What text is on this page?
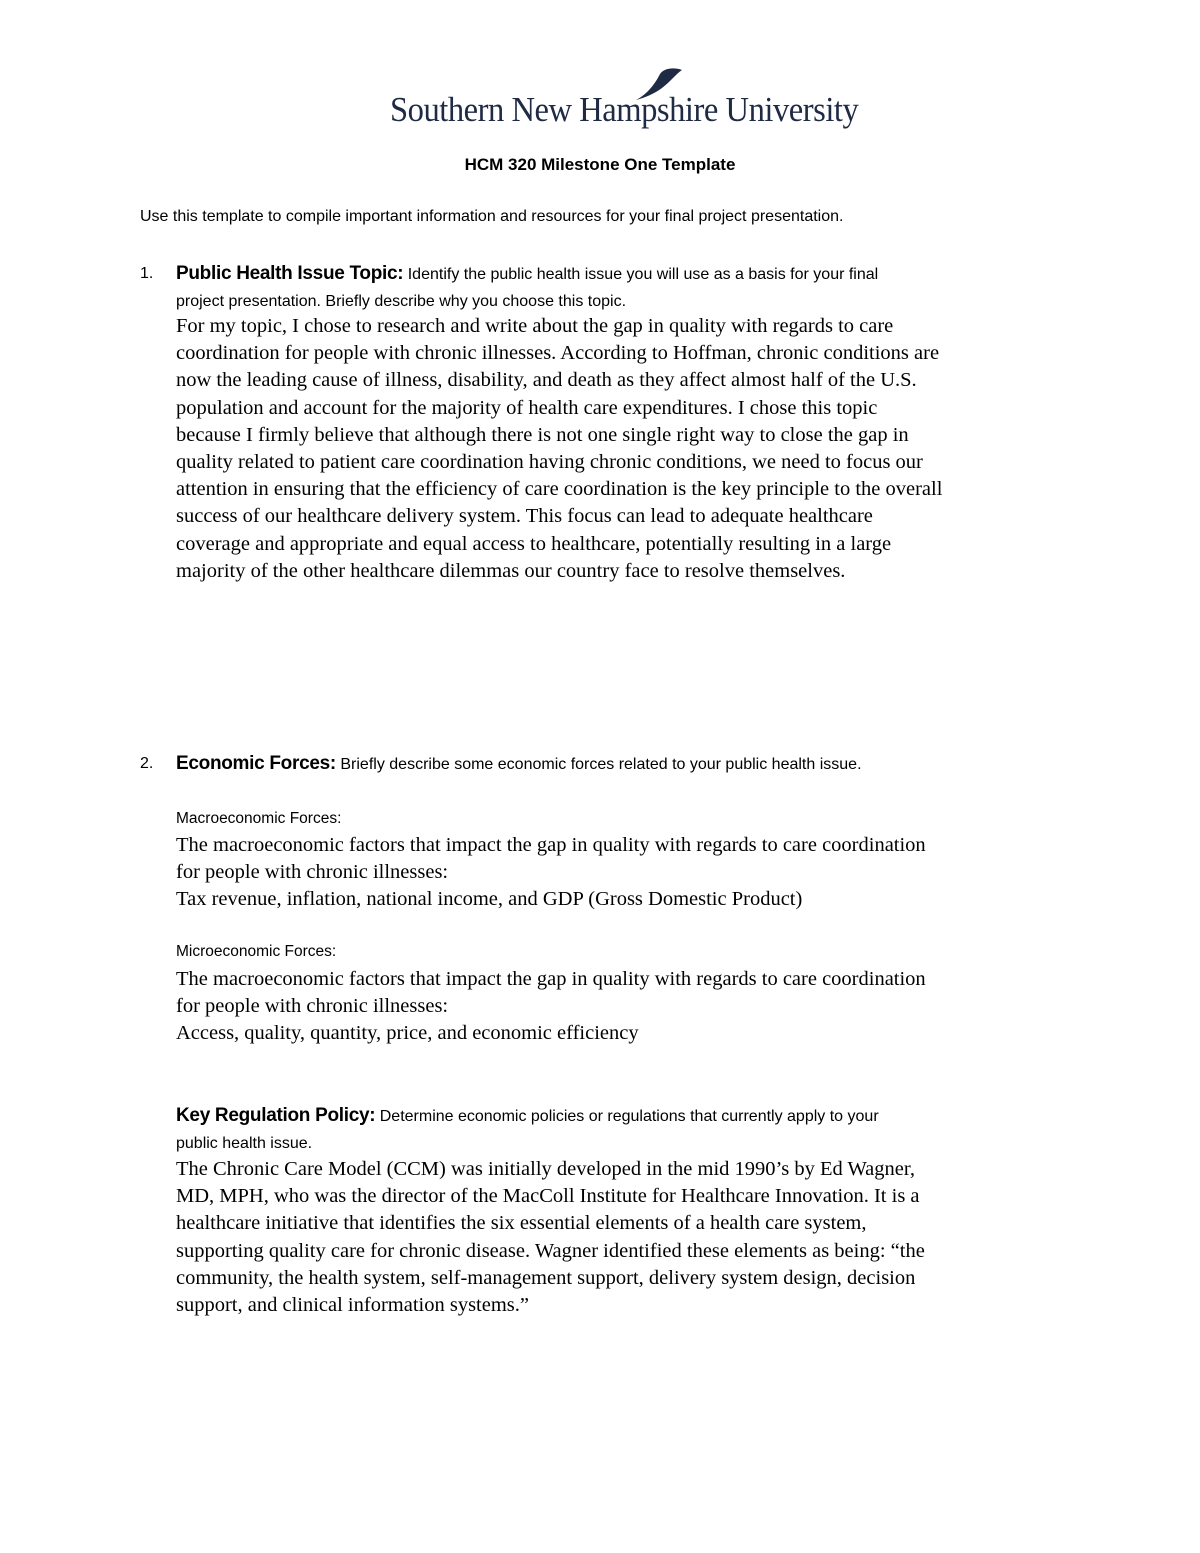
Southern New Hampshire University
HCM 320 Milestone One Template
Use this template to compile important information and resources for your final project presentation.
1. Public Health Issue Topic: Identify the public health issue you will use as a basis for your final
project presentation. Briefly describe why you choose this topic.
For my topic, I chose to research and write about the gap in quality with regards to care
coordination for people with chronic illnesses. According to Hoffman, chronic conditions are
now the leading cause of illness, disability, and death as they affect almost half of the U.S.
population and account for the majority of health care expenditures. I chose this topic
because I firmly believe that although there is not one single right way to close the gap in
quality related to patient care coordination having chronic conditions, we need to focus our
attention in ensuring that the efficiency of care coordination is the key principle to the overall
success of our healthcare delivery system. This focus can lead to adequate healthcare
coverage and appropriate and equal access to healthcare, potentially resulting in a large
majority of the other healthcare dilemmas our country face to resolve themselves.
2. Economic Forces: Briefly describe some economic forces related to your public health issue.
Macroeconomic Forces:
The macroeconomic factors that impact the gap in quality with regards to care coordination
for people with chronic illnesses:
Tax revenue, inflation, national income, and GDP (Gross Domestic Product)
Microeconomic Forces:
The macroeconomic factors that impact the gap in quality with regards to care coordination
for people with chronic illnesses:
Access, quality, quantity, price, and economic efficiency
Key Regulation Policy: Determine economic policies or regulations that currently apply to your
public health issue.
The Chronic Care Model (CCM) was initially developed in the mid 1990’s by Ed Wagner,
MD, MPH, who was the director of the MacColl Institute for Healthcare Innovation. It is a
healthcare initiative that identifies the six essential elements of a health care system,
supporting quality care for chronic disease. Wagner identified these elements as being: “the
community, the health system, self-management support, delivery system design, decision
support, and clinical information systems.”
